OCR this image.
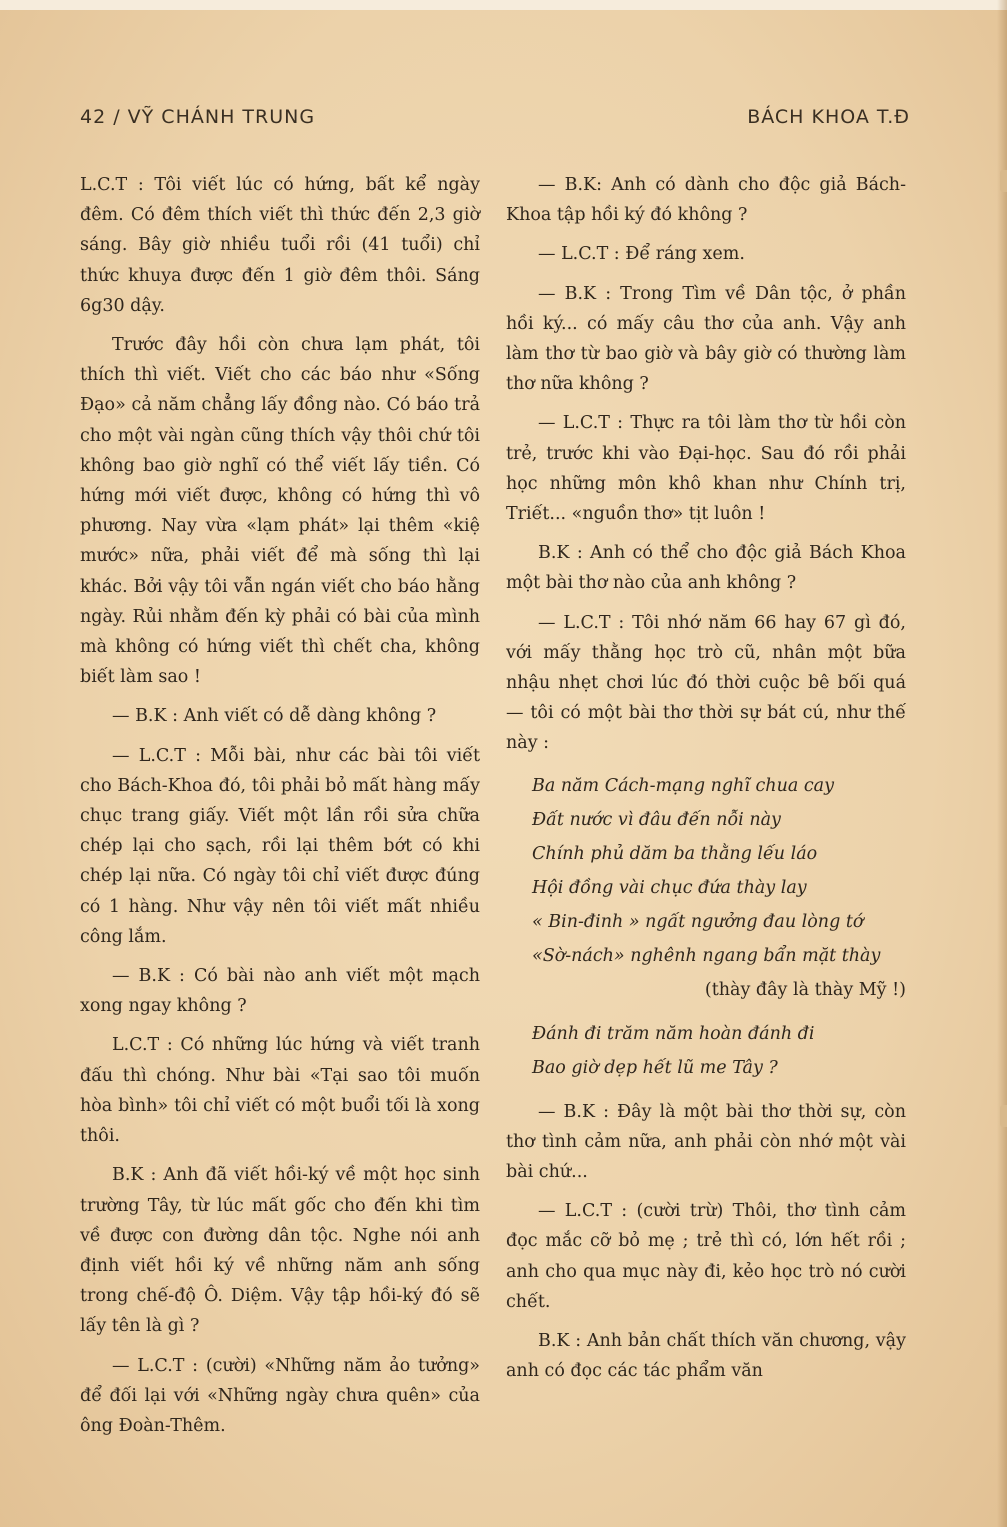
42 / VỸ CHÁNH TRUNG	BÁCH KHOA T.Đ

L.C.T : Tôi viết lúc có hứng, bất kể ngày đêm. Có đêm thích viết thì thức đến 2,3 giờ sáng. Bây giờ nhiều tuổi rồi (41 tuổi) chỉ thức khuya được đến 1 giờ đêm thôi. Sáng 6g30 dậy.

Trước đây hồi còn chưa lạm phát, tôi thích thì viết. Viết cho các báo như «Sống Đạo» cả năm chẳng lấy đồng nào. Có báo trả cho một vài ngàn cũng thích vậy thôi chứ tôi không bao giờ nghĩ có thể viết lấy tiền. Có hứng mới viết được, không có hứng thì vô phương. Nay vừa «lạm phát» lại thêm «kiệ mước» nữa, phải viết để mà sống thì lại khác. Bởi vậy tôi vẫn ngán viết cho báo hằng ngày. Rủi nhằm đến kỳ phải có bài của mình mà không có hứng viết thì chết cha, không biết làm sao !

— B.K : Anh viết có dễ dàng không ?

— L.C.T : Mỗi bài, như các bài tôi viết cho Bách-Khoa đó, tôi phải bỏ mất hàng mấy chục trang giấy. Viết một lần rồi sửa chữa chép lại cho sạch, rồi lại thêm bớt có khi chép lại nữa. Có ngày tôi chỉ viết được đúng có 1 hàng. Như vậy nên tôi viết mất nhiều công lắm.

— B.K : Có bài nào anh viết một mạch xong ngay không ?

L.C.T : Có những lúc hứng và viết tranh đấu thì chóng. Như bài «Tại sao tôi muốn hòa bình» tôi chỉ viết có một buổi tối là xong thôi.

B.K : Anh đã viết hồi-ký về một học sinh trường Tây, từ lúc mất gốc cho đến khi tìm về được con đường dân tộc. Nghe nói anh định viết hồi ký về những năm anh sống trong chế-độ Ô. Diệm. Vậy tập hồi-ký đó sẽ lấy tên là gì ?

— L.C.T : (cười) «Những năm ảo tưởng» để đối lại với «Những ngày chưa quên» của ông Đoàn-Thêm.

— B.K: Anh có dành cho độc giả Bách-Khoa tập hồi ký đó không ?

— L.C.T : Để ráng xem.

— B.K : Trong Tìm về Dân tộc, ở phần hồi ký... có mấy câu thơ của anh. Vậy anh làm thơ từ bao giờ và bây giờ có thường làm thơ nữa không ?

— L.C.T : Thực ra tôi làm thơ từ hồi còn trẻ, trước khi vào Đại-học. Sau đó rồi phải học những môn khô khan như Chính trị, Triết... «nguồn thơ» tịt luôn !

B.K : Anh có thể cho độc giả Bách Khoa một bài thơ nào của anh không ?

— L.C.T : Tôi nhớ năm 66 hay 67 gì đó, với mấy thằng học trò cũ, nhân một bữa nhậu nhẹt chơi lúc đó thời cuộc bê bối quá — tôi có một bài thơ thời sự bát cú, như thế này :

Ba năm Cách-mạng nghĩ chua cay
Đất nước vì đâu đến nỗi này
Chính phủ dăm ba thằng lếu láo
Hội đồng vài chục đứa thày lay
« Bin-đinh » ngất ngưởng đau lòng tớ
«Sờ-nách» nghênh ngang bẩn mặt thày
(thày đây là thày Mỹ !)
Đánh đi trăm năm hoàn đánh đi
Bao giờ dẹp hết lũ me Tây ?

— B.K : Đây là một bài thơ thời sự, còn thơ tình cảm nữa, anh phải còn nhớ một vài bài chứ...

— L.C.T : (cười trừ) Thôi, thơ tình cảm đọc mắc cỡ bỏ mẹ ; trẻ thì có, lớn hết rồi ; anh cho qua mục này đi, kẻo học trò nó cười chết.

B.K : Anh bản chất thích văn chương, vậy anh có đọc các tác phẩm văn
